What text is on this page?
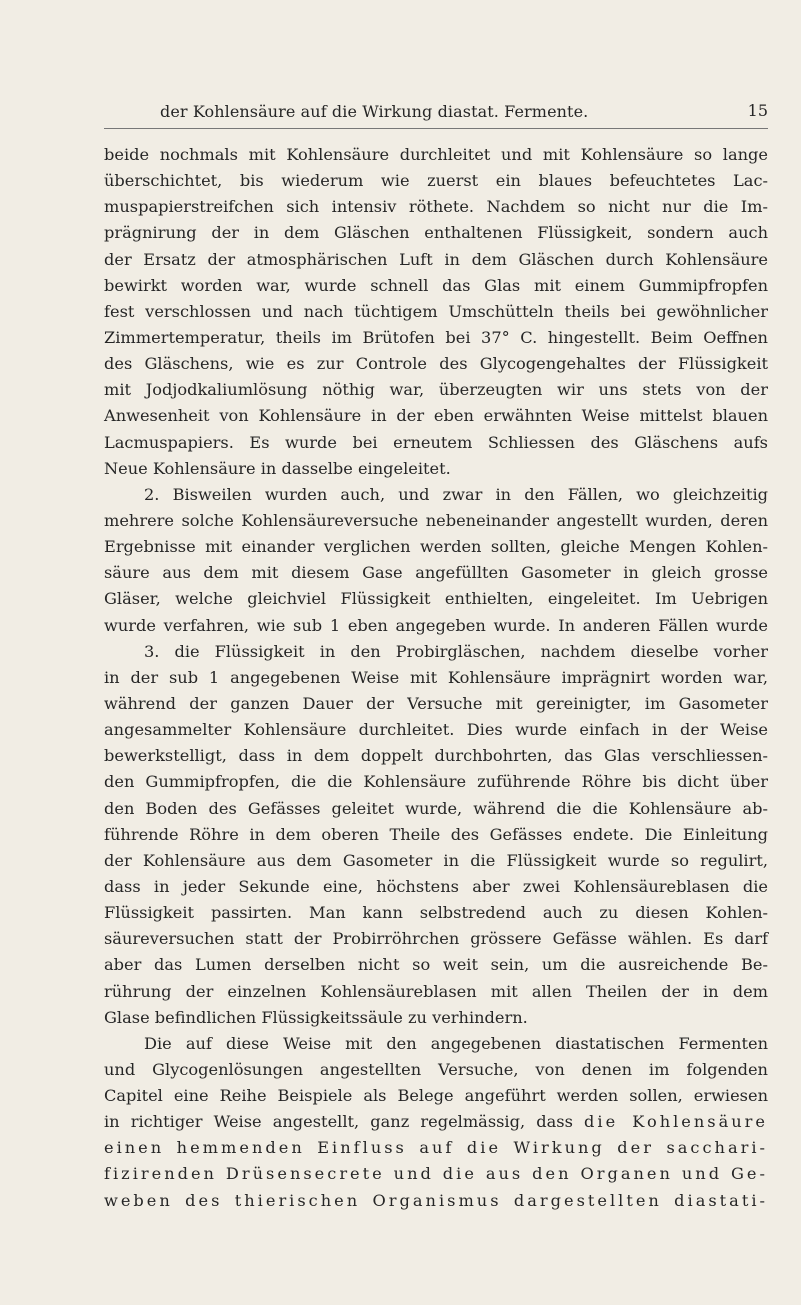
der Kohlensäure auf die Wirkung diastat. Fermente.	15
beide nochmals mit Kohlensäure durchleitet und mit Kohlensäure so lange
überschichtet, bis wiederum wie zuerst ein blaues befeuchtetes Lac-
muspapierstreifchen sich intensiv röthete. Nachdem so nicht nur die Im-
prägnirung der in dem Gläschen enthaltenen Flüssigkeit, sondern auch
der Ersatz der atmosphärischen Luft in dem Gläschen durch Kohlensäure
bewirkt worden war, wurde schnell das Glas mit einem Gummipfropfen
fest verschlossen und nach tüchtigem Umschütteln theils bei gewöhnlicher
Zimmertemperatur, theils im Brütofen bei 37° C. hingestellt. Beim Oeffnen
des Gläschens, wie es zur Controle des Glycogengehaltes der Flüssigkeit
mit Jodjodkaliumlösung nöthig war, überzeugten wir uns stets von der
Anwesenheit von Kohlensäure in der eben erwähnten Weise mittelst blauen
Lacmuspapiers. Es wurde bei erneutem Schliessen des Gläschens aufs
Neue Kohlensäure in dasselbe eingeleitet.
2. Bisweilen wurden auch, und zwar in den Fällen, wo gleichzeitig
mehrere solche Kohlensäureversuche nebeneinander angestellt wurden, deren
Ergebnisse mit einander verglichen werden sollten, gleiche Mengen Kohlen-
säure aus dem mit diesem Gase angefüllten Gasometer in gleich grosse
Gläser, welche gleichviel Flüssigkeit enthielten, eingeleitet. Im Uebrigen
wurde verfahren, wie sub 1 eben angegeben wurde. In anderen Fällen wurde
3. die Flüssigkeit in den Probirgläschen, nachdem dieselbe vorher
in der sub 1 angegebenen Weise mit Kohlensäure imprägnirt worden war,
während der ganzen Dauer der Versuche mit gereinigter, im Gasometer
angesammelter Kohlensäure durchleitet. Dies wurde einfach in der Weise
bewerkstelligt, dass in dem doppelt durchbohrten, das Glas verschliessen-
den Gummipfropfen, die die Kohlensäure zuführende Röhre bis dicht über
den Boden des Gefässes geleitet wurde, während die die Kohlensäure ab-
führende Röhre in dem oberen Theile des Gefässes endete. Die Einleitung
der Kohlensäure aus dem Gasometer in die Flüssigkeit wurde so regulirt,
dass in jeder Sekunde eine, höchstens aber zwei Kohlensäureblasen die
Flüssigkeit passirten. Man kann selbstredend auch zu diesen Kohlen-
säureversuchen statt der Probirröhrchen grössere Gefässe wählen. Es darf
aber das Lumen derselben nicht so weit sein, um die ausreichende Be-
rührung der einzelnen Kohlensäureblasen mit allen Theilen der in dem
Glase befindlichen Flüssigkeitssäule zu verhindern.
Die auf diese Weise mit den angegebenen diastatischen Fermenten
und Glycogenlösungen angestellten Versuche, von denen im folgenden
Capitel eine Reihe Beispiele als Belege angeführt werden sollen, erwiesen
in richtiger Weise angestellt, ganz regelmässig, dass die Kohlensäure
einen hemmenden Einfluss auf die Wirkung der sacchari-
fizirenden Drüsensecrete und die aus den Organen und Ge-
weben des thierischen Organismus dargestellten diastati-
